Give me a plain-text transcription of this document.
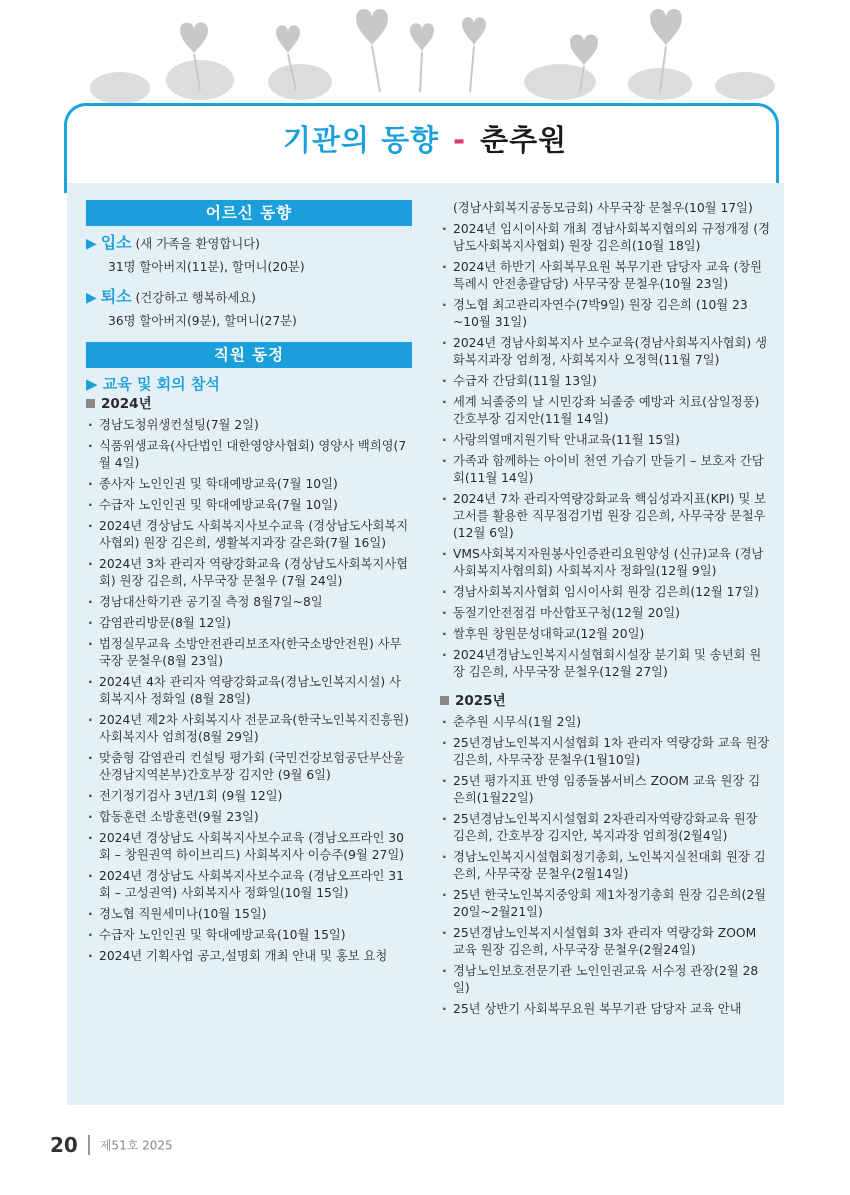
기관의 동향 - 춘추원
어르신 동향
▶ 입소 (새 가족을 환영합니다)
31명 할아버지(11분), 할머니(20분)
▶ 퇴소 (건강하고 행복하세요)
36명 할아버지(9분), 할머니(27분)
직원 동정
▶ 교육 및 회의 참석
2024년
· 경남도청위생컨설팅(7월 2일)
· 식품위생교육(사단법인 대한영양사협회) 영양사 백희영(7월 4일)
· 종사자 노인인권 및 학대예방교육(7월 10일)
· 수급자 노인인권 및 학대예방교육(7월 10일)
· 2024년 경상남도 사회복지사보수교육 (경상남도사회복지사협외) 원장 김은희, 생활복지과장 갈은화(7월 16일)
· 2024년 3차 관리자 역량강화교육 (경상남도사회복지사협회) 원장 김은희, 사무국장 문철우 (7월 24일)
· 경남대산학기관 공기질 측정 8월7일~8일
· 감염관리방문(8월 12일)
· 법정실무교육 소방안전관리보조자(한국소방안전원) 사무국장 문철우(8월 23일)
· 2024년 4차 관리자 역량강화교육(경남노인복지시설) 사회복지사 정화일 (8월 28일)
· 2024년 제2차 사회복지사 전문교육(한국노인복지진흥원) 사회복지사 엄희정(8월 29일)
· 맞춤형 감염관리 컨설팅 평가회 (국민건강보험공단부산울산경남지역본부)간호부장 김지안 (9월 6일)
· 전기정기검사 3년/1회 (9월 12일)
· 합동훈련 소방훈련(9월 23일)
· 2024년 경상남도 사회복지사보수교육 (경남오프라인 30회 – 창원권역 하이브리드) 사회복지사 이승주(9월 27일)
· 2024년 경상남도 사회복지사보수교육 (경남오프라인 31회 – 고성권역) 사회복지사 정화일(10월 15일)
· 경노협 직원세미나(10월 15일)
· 수급자 노인인권 및 학대예방교육(10월 15일)
· 2024년 기획사업 공고,설명회 개최 안내 및 홍보 요청
(경남사회복지공동모금회) 사무국장 문철우(10월 17일)
· 2024년 임시이사회 개최 경남사회복지협의외 규정개정 (경남도사회복지사협회) 원장 김은희(10월 18일)
· 2024년 하반기 사회복무요원 복무기관 담당자 교육 (창원특례시 안전총괄담당) 사무국장 문철우(10월 23일)
· 경노협 최고관리자연수(7박9일) 원장 김은희 (10월 23 ~10월 31일)
· 2024년 경남사회복지사 보수교육(경남사회복지사협회) 생화복지과장 엄희정, 사회복지사 오정혁(11월 7일)
· 수급자 간담회(11월 13일)
· 세계 뇌졸중의 날 시민강좌 뇌졸중 예방과 치료(삼일정풍) 간호부장 김지안(11월 14일)
· 사랑의열매지원기탁 안내교육(11월 15일)
· 가족과 함께하는 아이비 천연 가습기 만들기 – 보호자 간담회(11월 14일)
· 2024년 7차 관리자역량강화교육 핵심성과지표(KPI) 및 보고서를 활용한 직무점검기법 원장 김은희, 사무국장 문철우(12월 6일)
· VMS사회복지자원봉사인증관리요원양성 (신규)교육 (경남사회복지사협의회) 사회복지사 정화일(12월 9일)
· 경남사회복지사협회 임시이사회 원장 김은희(12월 17일)
· 동절기안전점검 마산합포구청(12월 20일)
· 쌀후원 창원문성대학교(12월 20일)
· 2024년경남노인복지시설협회시설장 분기회 및 송년회 원장 김은희, 사무국장 문철우(12월 27일)
2025년
· 춘추원 시무식(1월 2일)
· 25년경남노인복지시설협회 1차 관리자 역량강화 교육 원장 김은희, 사무국장 문철우(1월10일)
· 25년 평가지표 반영 임종돌봄서비스 ZOOM 교육 원장 김은희(1월22일)
· 25년경남노인복지시설협회 2차관리자역량강화교육 원장 김은희, 간호부장 김지안, 복지과장 엄희정(2월4일)
· 경남노인복지시설협회정기총회, 노인복지실천대회 원장 김은희, 사무국장 문철우(2월14일)
· 25년 한국노인복지중앙회 제1차정기총회 원장 김은희(2월 20일~2월21일)
· 25년경남노인복지시설협회 3차 관리자 역량강화 ZOOM 교육 원장 김은희, 사무국장 문철우(2월24일)
· 경남노인보호전문기관 노인인권교육 서수정 관장(2월 28일)
· 25년 상반기 사회복무요원 복무기관 담당자 교육 안내
20 제51호 2025
